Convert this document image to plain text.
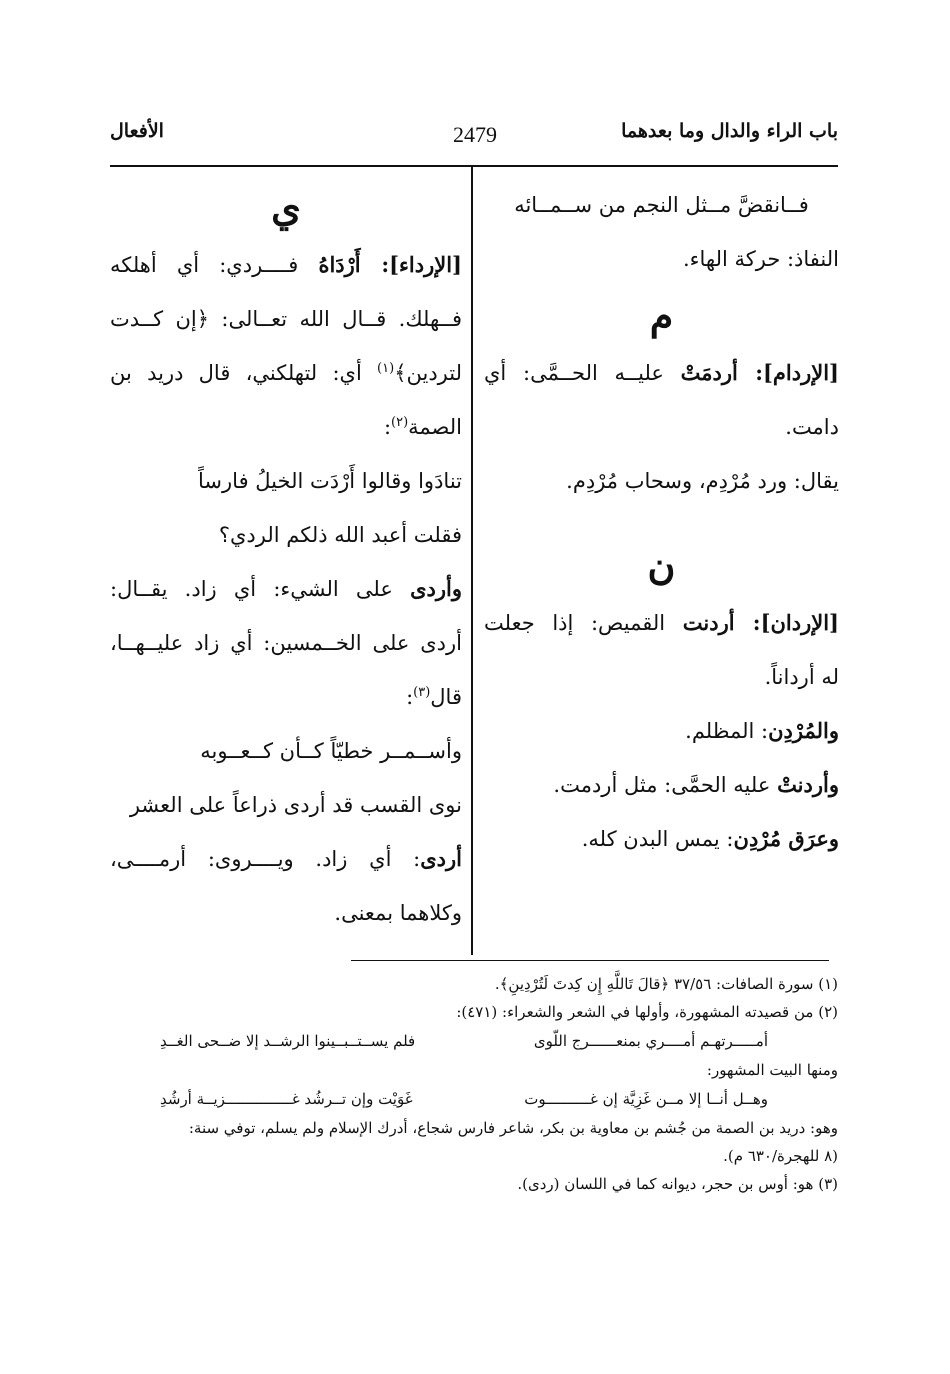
باب الراء والدال وما بعدهما
2479
الأفعال
فــانقضَّ مــثل النجم من ســمــائه
النفاذ: حركة الهاء.
م
[الإردام]: أردمَتْ عليــه الحــمَّى: أي
دامت.
يقال: ورد مُرْدِم، وسحاب مُرْدِم.
ن
[الإردان]: أردنت القميص: إذا جعلت
له أرداناً.
والمُرْدِن: المظلم.
وأردنتْ عليه الحمَّى: مثل أردمت.
وعرَق مُرْدِن: يمس البدن كله.
ي
[الإرداء]: أَرْدَاهُ فــــردي: أي أهلكه
فــهلك. قــال الله تعــالى: ﴿إن كــدت
لتردين﴾$^{(١)}$ أي: لتهلكني، قال دريد بن
الصمة$^{(٢)}$:
تنادَوا وقالوا أَرْدَت الخيلُ فارساً
فقلت أعبد الله ذلكم الردي؟
وأردى على الشيء: أي زاد. يقــال:
أردى على الخــمسين: أي زاد عليــهــا،
قال$^{(٣)}$:
وأســمــر خطيّاً كــأن كــعــوبه
نوى القسب قد أردى ذراعاً على العشر
أردى: أي زاد. ويــــروى: أرمــــى،
وكلاهما بمعنى.
(١) سورة الصافات: ٣٧/٥٦ ﴿قالَ تَاللَّهِ إِن كِدتَ لَتُرْدِينِ﴾.
(٢) من قصيدته المشهورة، وأولها في الشعر والشعراء: (٤٧١):
أمـــــرتهـم أمــــري بمنعــــــرج اللّوى
فلم يســتــبــينوا الرشــد إلا ضــحى الغــدِ
ومنها البيت المشهور:
وهــل أنــا إلا مــن غَزِيَّة إن غــــــــــوت
غَوَيْت وإن تــرشُد غـــــــــــــــزيــة أرشُدِ
وهو: دريد بن الصمة من جُشم بن معاوية بن بكر، شاعر فارس شجاع، أدرك الإسلام ولم يسلم، توفي سنة:
(٨ للهجرة/٦٣٠ م).
(٣) هو: أوس بن حجر، ديوانه كما في اللسان (ردى).
